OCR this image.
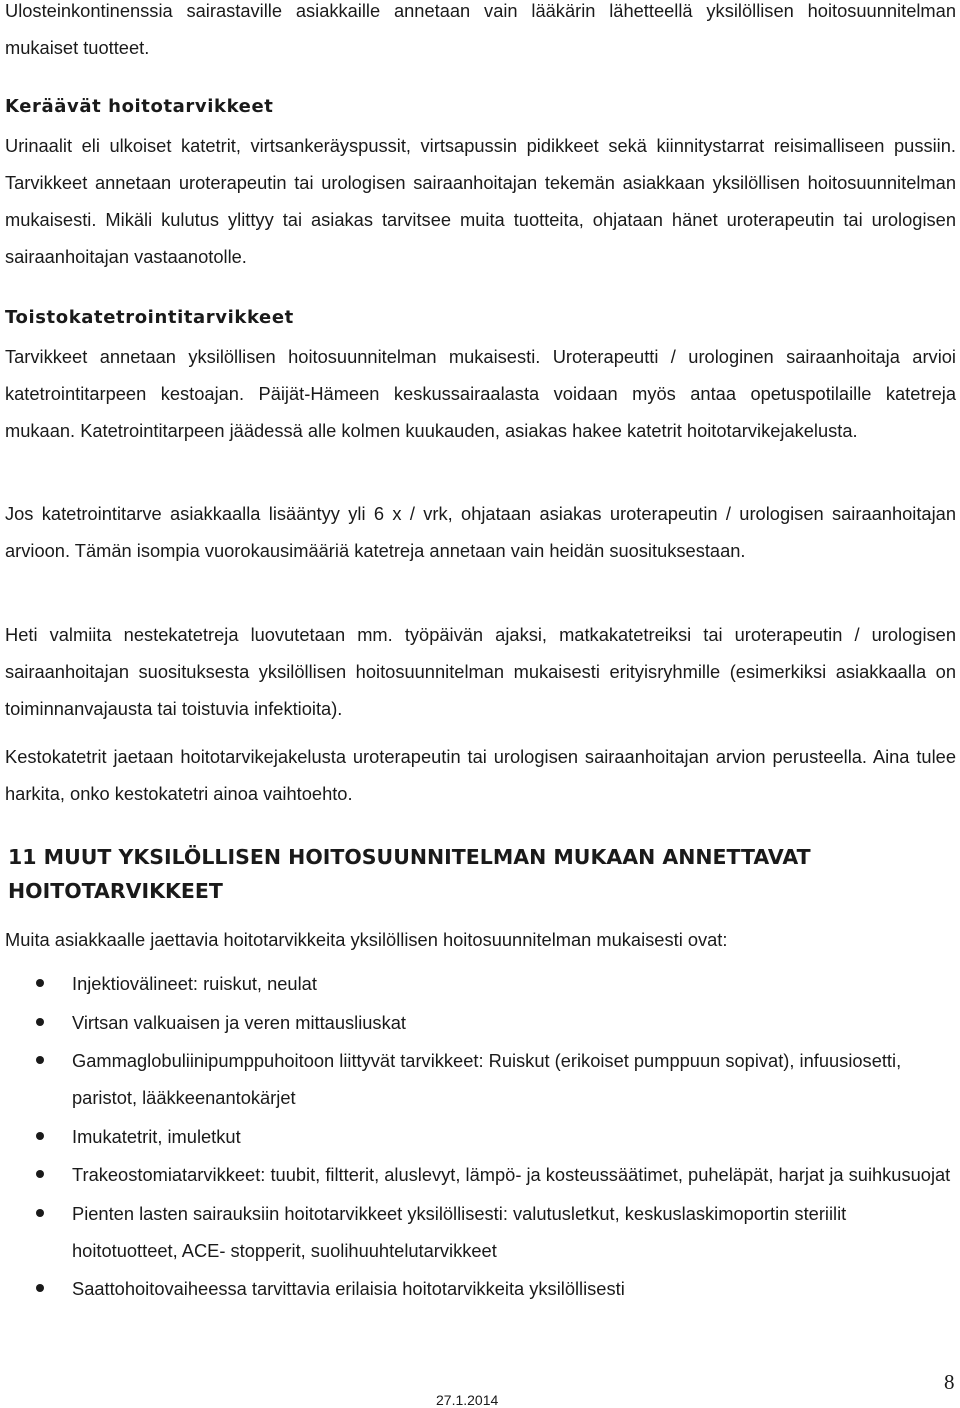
Ulosteinkontinenssia sairastaville asiakkaille annetaan vain lääkärin lähetteellä yksilöllisen hoitosuunnitelman mukaiset tuotteet.

Keräävät hoitotarvikkeet

Urinaalit eli ulkoiset katetrit, virtsankeräyspussit, virtsapussin pidikkeet sekä kiinnitystarrat reisimalliseen pussiin. Tarvikkeet annetaan uroterapeutin tai urologisen sairaanhoitajan tekemän asiakkaan yksilöllisen hoitosuunnitelman mukaisesti. Mikäli kulutus ylittyy tai asiakas tarvitsee muita tuotteita, ohjataan hänet uroterapeutin tai urologisen sairaanhoitajan vastaanotolle.

Toistokatetrointitarvikkeet

Tarvikkeet annetaan yksilöllisen hoitosuunnitelman mukaisesti. Uroterapeutti / urologinen sairaanhoitaja arvioi katetrointitarpeen kestoajan. Päijät-Hämeen keskussairaalasta voidaan myös antaa opetuspotilaille katetreja mukaan. Katetrointitarpeen jäädessä alle kolmen kuukauden, asiakas hakee katetrit hoitotarvikejakelusta.

Jos katetrointitarve asiakkaalla lisääntyy yli 6 x / vrk, ohjataan asiakas uroterapeutin / urologisen sairaanhoitajan arvioon. Tämän isompia vuorokausimääriä katetreja annetaan vain heidän suosituksestaan.

Heti valmiita nestekatetreja luovutetaan mm. työpäivän ajaksi, matkakatetreiksi tai uroterapeutin / urologisen sairaanhoitajan suosituksesta yksilöllisen hoitosuunnitelman mukaisesti erityisryhmille (esimerkiksi asiakkaalla on toiminnanvajausta tai toistuvia infektioita).

Kestokatetrit jaetaan hoitotarvikejakelusta uroterapeutin tai urologisen sairaanhoitajan arvion perusteella. Aina tulee harkita, onko kestokatetri ainoa vaihtoehto.

11 MUUT YKSILÖLLISEN HOITOSUUNNITELMAN MUKAAN ANNETTAVAT HOITOTARVIKKEET

Muita asiakkaalle jaettavia hoitotarvikkeita yksilöllisen hoitosuunnitelman mukaisesti ovat:

Injektiovälineet: ruiskut, neulat
Virtsan valkuaisen ja veren mittausliuskat
Gammaglobuliinipumppuhoitoon liittyvät tarvikkeet: Ruiskut (erikoiset pumppuun sopivat), infuusiosetti, paristot, lääkkeenantokärjet
Imukatetrit, imuletkut
Trakeostomiatarvikkeet: tuubit, filtterit, aluslevyt, lämpö- ja kosteussäätimet, puheläpät, harjat ja suihkusuojat
Pienten lasten sairauksiin hoitotarvikkeet yksilöllisesti: valutusletkut, keskuslaskimoportin steriilit hoitotuotteet, ACE- stopperit, suolihuuhtelutarvikkeet
Saattohoitovaiheessa tarvittavia erilaisia hoitotarvikkeita yksilöllisesti
8
27.1.2014
